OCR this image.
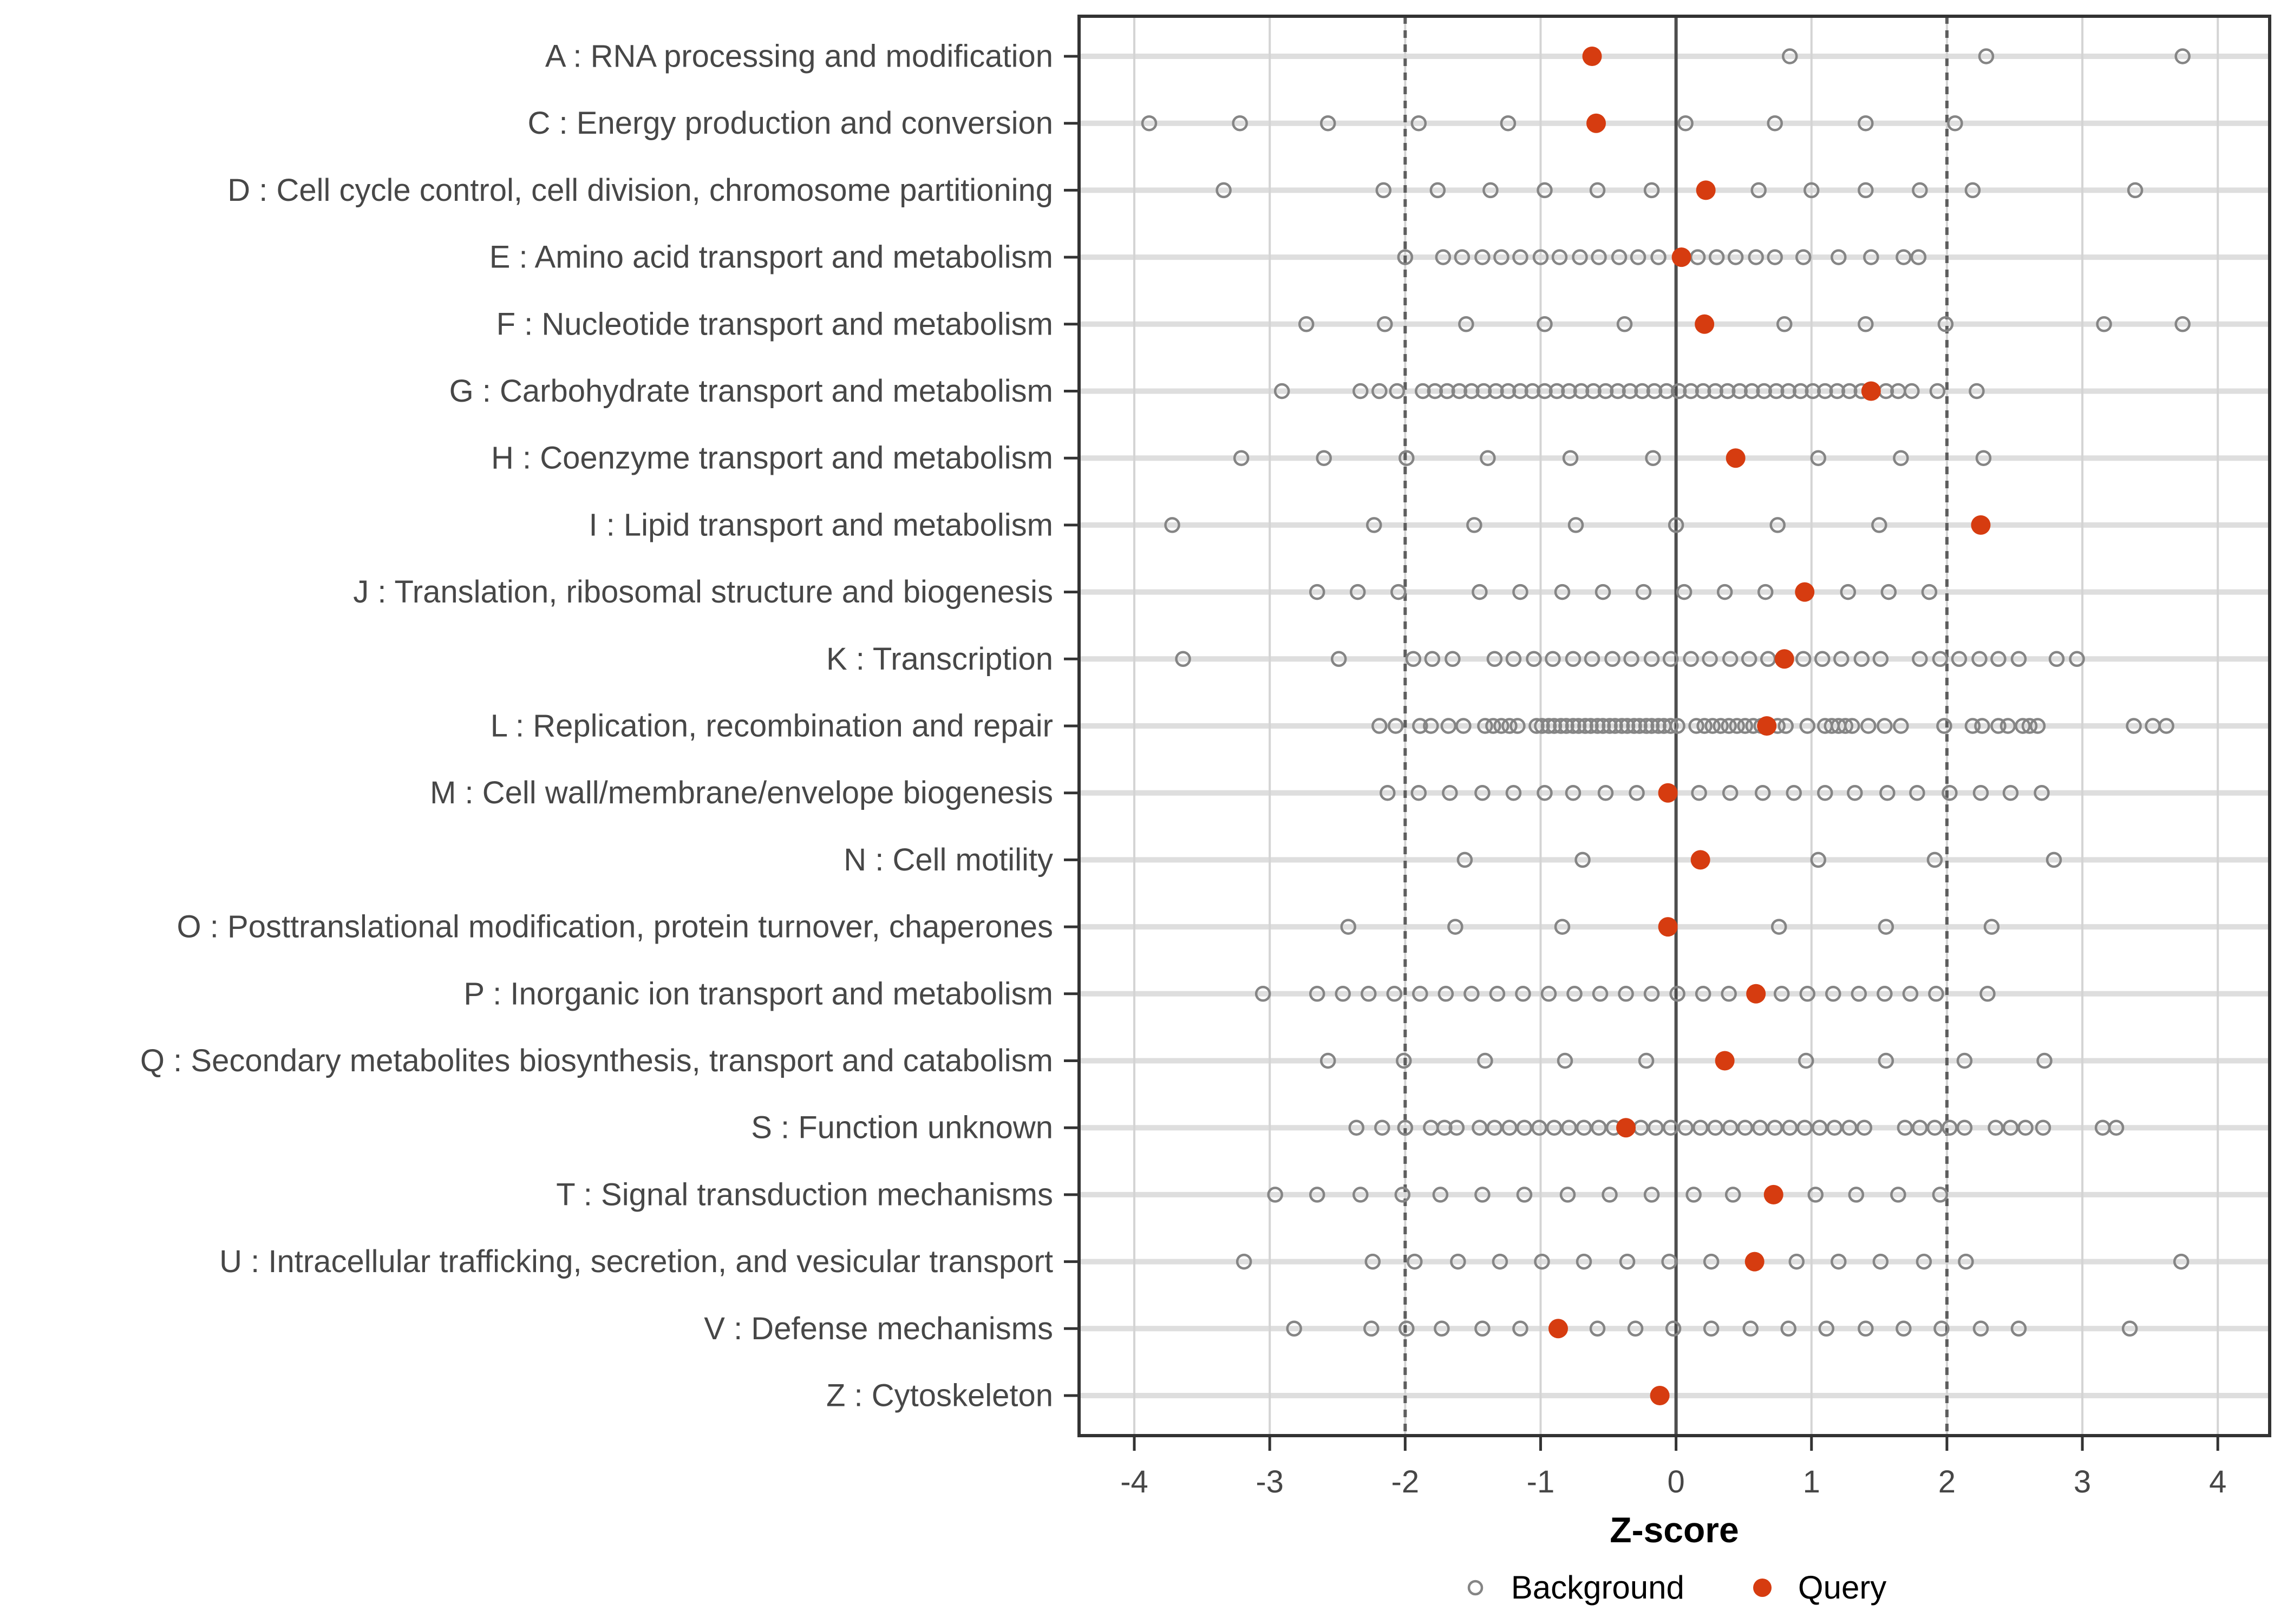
-4	-3	-2	-1	0	1	2	3	4
A : RNA processing and modification
C : Energy production and conversion
D : Cell cycle control, cell division, chromosome partitioning
E : Amino acid transport and metabolism
F : Nucleotide transport and metabolism
G : Carbohydrate transport and metabolism
H : Coenzyme transport and metabolism
I : Lipid transport and metabolism
J : Translation, ribosomal structure and biogenesis
K : Transcription
L : Replication, recombination and repair
M : Cell wall/membrane/envelope biogenesis
N : Cell motility
O : Posttranslational modification, protein turnover, chaperones
P : Inorganic ion transport and metabolism
Q : Secondary metabolites biosynthesis, transport and catabolism
S : Function unknown
T : Signal transduction mechanisms
U : Intracellular trafficking, secretion, and vesicular transport
V : Defense mechanisms
Z : Cytoskeleton
Z-score
Background	Query
